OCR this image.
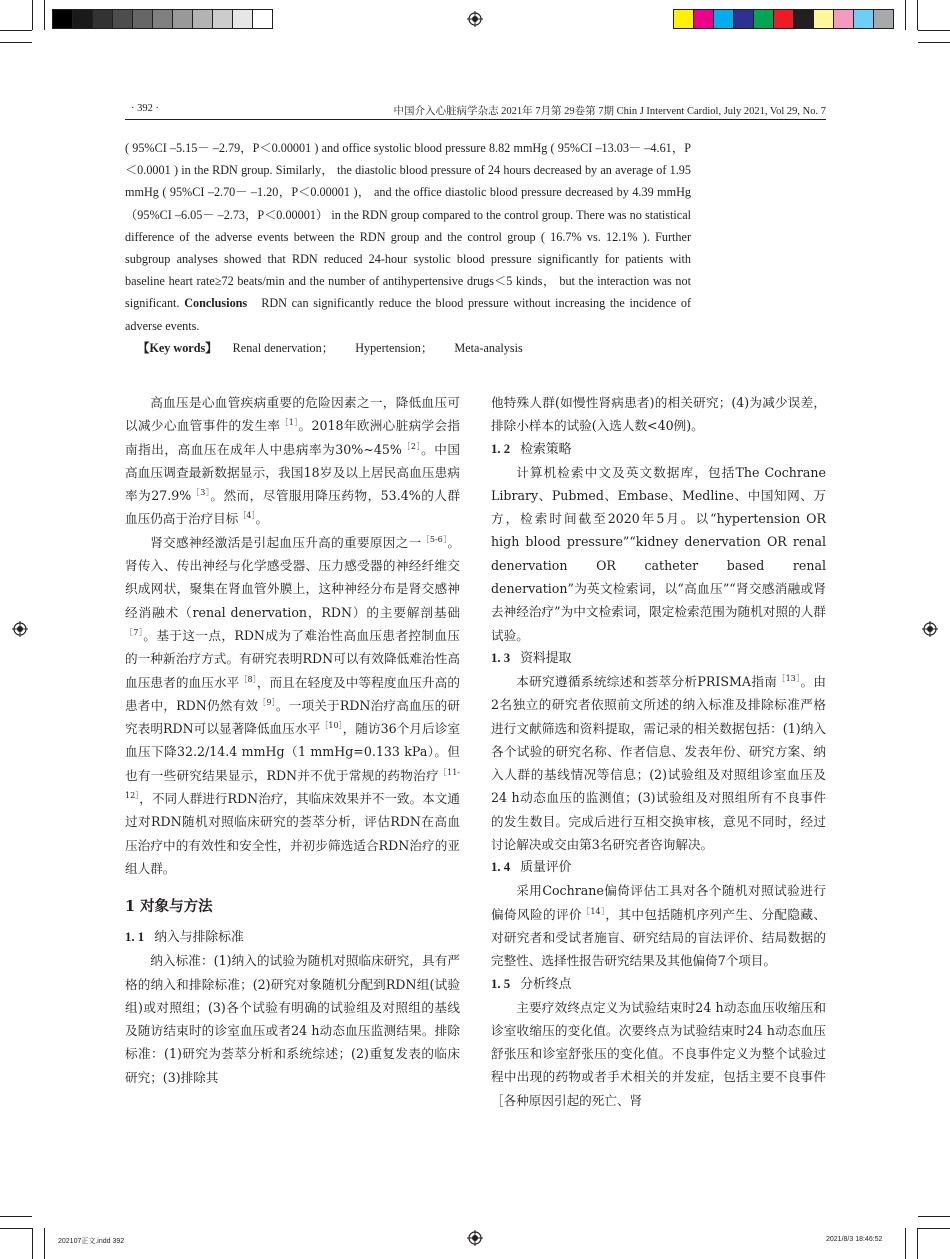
· 392 ·	中国介入心脏病学杂志 2021年 7月第 29卷第 7期 Chin J Intervent Cardiol, July 2021, Vol 29, No. 7

( 95%CI –5.15－ –2.79，P＜0.00001 ) and office systolic blood pressure 8.82 mmHg ( 95%CI –13.03－ –4.61，P＜0.0001 ) in the RDN group. Similarly， the diastolic blood pressure of 24 hours decreased by an average of 1.95 mmHg ( 95%CI –2.70－ –1.20，P＜0.00001 )， and the office diastolic blood pressure decreased by 4.39 mmHg （95%CI –6.05－ –2.73，P＜0.00001） in the RDN group compared to the control group. There was no statistical difference of the adverse events between the RDN group and the control group ( 16.7% vs. 12.1% ). Further subgroup analyses showed that RDN reduced 24-hour systolic blood pressure significantly for patients with baseline heart rate≥72 beats/min and the number of antihypertensive drugs＜5 kinds， but the interaction was not significant. Conclusions RDN can significantly reduce the blood pressure without increasing the incidence of adverse events.

【Key words】 Renal denervation； Hypertension； Meta-analysis

高血压是心血管疾病重要的危险因素之一，降低血压可以减少心血管事件的发生率$^{[1]}$。2018年欧洲心脏病学会指南指出，高血压在成年人中患病率为30%~45%$^{[2]}$。中国高血压调查最新数据显示，我国18岁及以上居民高血压患病率为27.9%$^{[3]}$。然而，尽管服用降压药物，53.4%的人群血压仍高于治疗目标$^{[4]}$。

肾交感神经激活是引起血压升高的重要原因之一$^{[5-6]}$。肾传入、传出神经与化学感受器、压力感受器的神经纤维交织成网状，聚集在肾血管外膜上，这种神经分布是肾交感神经消融术（renal denervation，RDN）的主要解剖基础$^{[7]}$。基于这一点，RDN成为了难治性高血压患者控制血压的一种新治疗方式。有研究表明RDN可以有效降低难治性高血压患者的血压水平$^{[8]}$，而且在轻度及中等程度血压升高的患者中，RDN仍然有效$^{[9]}$。一项关于RDN治疗高血压的研究表明RDN可以显著降低血压水平$^{[10]}$，随访36个月后诊室血压下降32.2/14.4 mmHg（1 mmHg=0.133 kPa）。但也有一些研究结果显示，RDN并不优于常规的药物治疗$^{[11-12]}$，不同人群进行RDN治疗，其临床效果并不一致。本文通过对RDN随机对照临床研究的荟萃分析，评估RDN在高血压治疗中的有效性和安全性，并初步筛选适合RDN治疗的亚组人群。

1 对象与方法
1. 1 纳入与排除标准

纳入标准：(1)纳入的试验为随机对照临床研究，具有严格的纳入和排除标准；(2)研究对象随机分配到RDN组(试验组)或对照组；(3)各个试验有明确的试验组及对照组的基线及随访结束时的诊室血压或者24 h动态血压监测结果。排除标准：(1)研究为荟萃分析和系统综述；(2)重复发表的临床研究；(3)排除其

他特殊人群(如慢性肾病患者)的相关研究；(4)为减少误差，排除小样本的试验(入选人数<40例)。

1. 2 检索策略

计算机检索中文及英文数据库，包括The Cochrane Library、Pubmed、Embase、Medline、中国知网、万方，检索时间截至2020年5月。以“hypertension OR high blood pressure”“kidney denervation OR renal denervation OR catheter based renal denervation”为英文检索词，以“高血压”“肾交感消融或肾去神经治疗”为中文检索词，限定检索范围为随机对照的人群试验。

1. 3 资料提取

本研究遵循系统综述和荟萃分析PRISMA指南$^{[13]}$。由2名独立的研究者依照前文所述的纳入标准及排除标准严格进行文献筛选和资料提取，需记录的相关数据包括：(1)纳入各个试验的研究名称、作者信息、发表年份、研究方案、纳入人群的基线情况等信息；(2)试验组及对照组诊室血压及24 h动态血压的监测值；(3)试验组及对照组所有不良事件的发生数目。完成后进行互相交换审核，意见不同时，经过讨论解决或交由第3名研究者咨询解决。

1. 4 质量评价

采用Cochrane偏倚评估工具对各个随机对照试验进行偏倚风险的评价$^{[14]}$，其中包括随机序列产生、分配隐藏、对研究者和受试者施盲、研究结局的盲法评价、结局数据的完整性、选择性报告研究结果及其他偏倚7个项目。

1. 5 分析终点

主要疗效终点定义为试验结束时24 h动态血压收缩压和诊室收缩压的变化值。次要终点为试验结束时24 h动态血压舒张压和诊室舒张压的变化值。不良事件定义为整个试验过程中出现的药物或者手术相关的并发症，包括主要不良事件［各种原因引起的死亡、肾

202107正文.indd 392	2021/8/3 18:46:52
